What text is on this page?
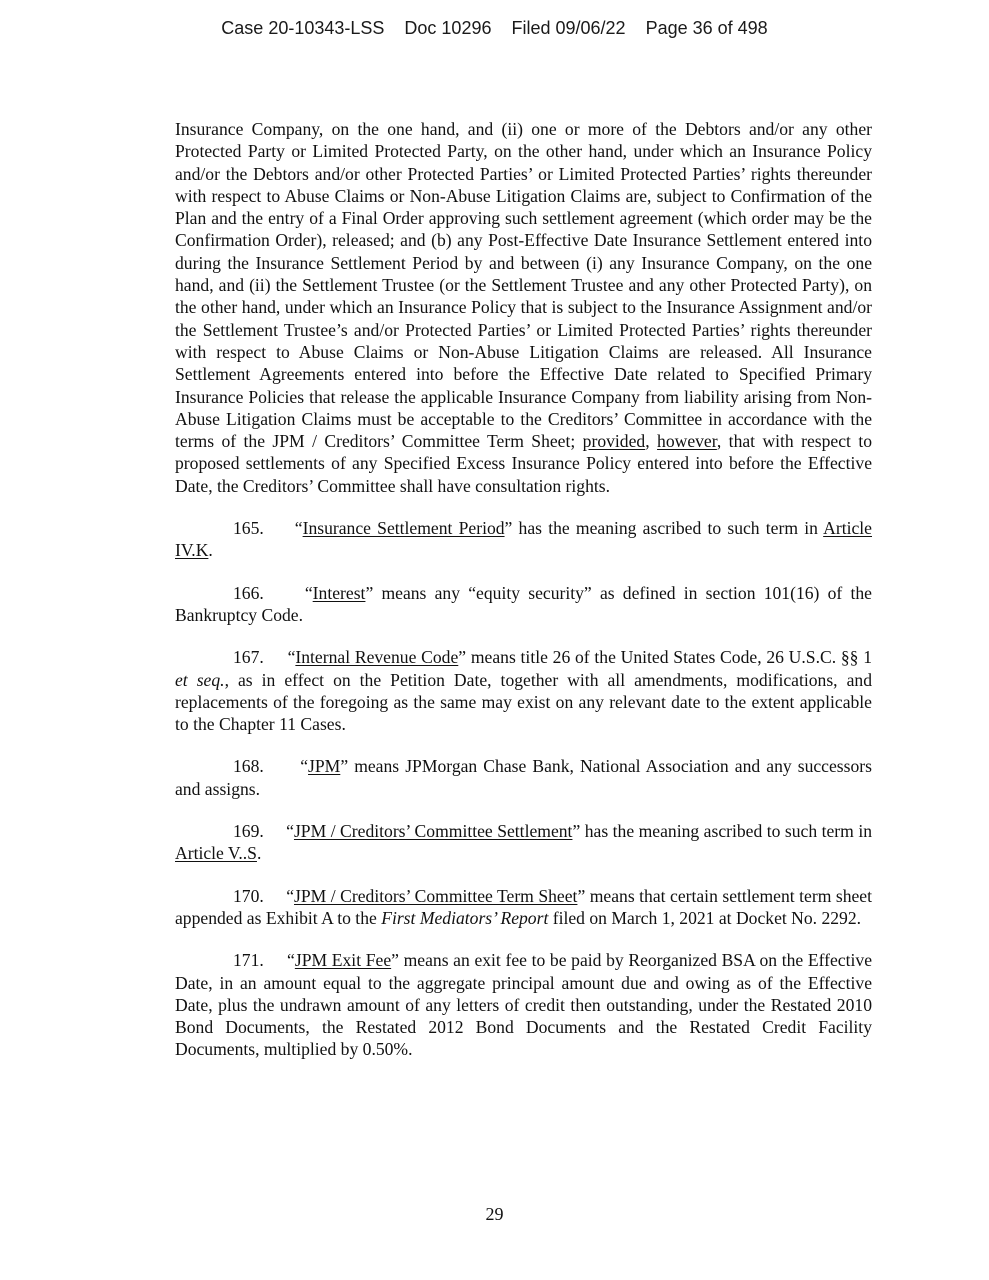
Case 20-10343-LSS Doc 10296 Filed 09/06/22 Page 36 of 498

Insurance Company, on the one hand, and (ii) one or more of the Debtors and/or any other Protected Party or Limited Protected Party, on the other hand, under which an Insurance Policy and/or the Debtors and/or other Protected Parties’ or Limited Protected Parties’ rights thereunder with respect to Abuse Claims or Non-Abuse Litigation Claims are, subject to Confirmation of the Plan and the entry of a Final Order approving such settlement agreement (which order may be the Confirmation Order), released; and (b) any Post-Effective Date Insurance Settlement entered into during the Insurance Settlement Period by and between (i) any Insurance Company, on the one hand, and (ii) the Settlement Trustee (or the Settlement Trustee and any other Protected Party), on the other hand, under which an Insurance Policy that is subject to the Insurance Assignment and/or the Settlement Trustee’s and/or Protected Parties’ or Limited Protected Parties’ rights thereunder with respect to Abuse Claims or Non-Abuse Litigation Claims are released. All Insurance Settlement Agreements entered into before the Effective Date related to Specified Primary Insurance Policies that release the applicable Insurance Company from liability arising from Non-Abuse Litigation Claims must be acceptable to the Creditors’ Committee in accordance with the terms of the JPM / Creditors’ Committee Term Sheet; provided, however, that with respect to proposed settlements of any Specified Excess Insurance Policy entered into before the Effective Date, the Creditors’ Committee shall have consultation rights.

165. “Insurance Settlement Period” has the meaning ascribed to such term in Article IV.K.

166. “Interest” means any “equity security” as defined in section 101(16) of the Bankruptcy Code.

167. “Internal Revenue Code” means title 26 of the United States Code, 26 U.S.C. §§ 1 et seq., as in effect on the Petition Date, together with all amendments, modifications, and replacements of the foregoing as the same may exist on any relevant date to the extent applicable to the Chapter 11 Cases.

168. “JPM” means JPMorgan Chase Bank, National Association and any successors and assigns.

169. “JPM / Creditors’ Committee Settlement” has the meaning ascribed to such term in Article V..S.

170. “JPM / Creditors’ Committee Term Sheet” means that certain settlement term sheet appended as Exhibit A to the First Mediators’ Report filed on March 1, 2021 at Docket No. 2292.

171. “JPM Exit Fee” means an exit fee to be paid by Reorganized BSA on the Effective Date, in an amount equal to the aggregate principal amount due and owing as of the Effective Date, plus the undrawn amount of any letters of credit then outstanding, under the Restated 2010 Bond Documents, the Restated 2012 Bond Documents and the Restated Credit Facility Documents, multiplied by 0.50%.

29
